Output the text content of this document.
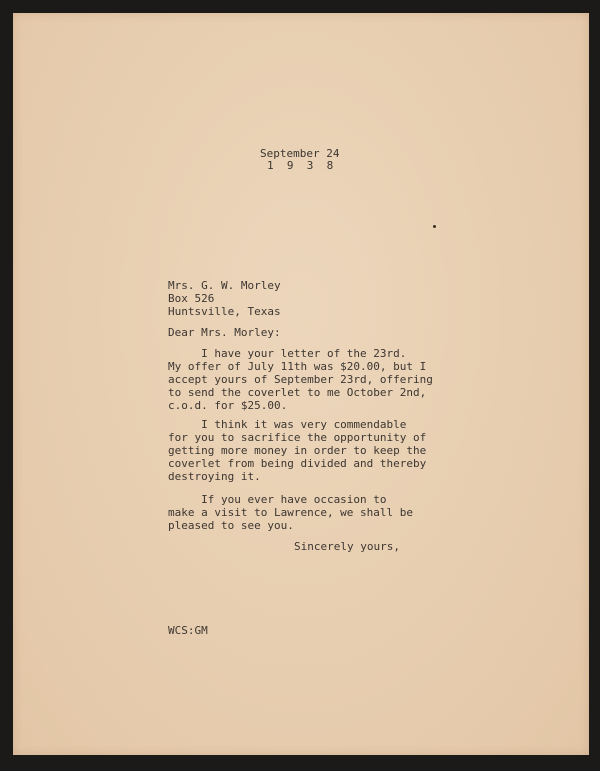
September 24

1  9  3  8

Mrs. G. W. Morley

Box 526

Huntsville, Texas

Dear Mrs. Morley:

I have your letter of the 23rd.

My offer of July 11th was $20.00, but I

accept yours of September 23rd, offering

to send the coverlet to me October 2nd,

c.o.d. for $25.00.

I think it was very commendable

for you to sacrifice the opportunity of

getting more money in order to keep the

coverlet from being divided and thereby

destroying it.

If you ever have occasion to

make a visit to Lawrence, we shall be

pleased to see you.

Sincerely yours,

WCS:GM
